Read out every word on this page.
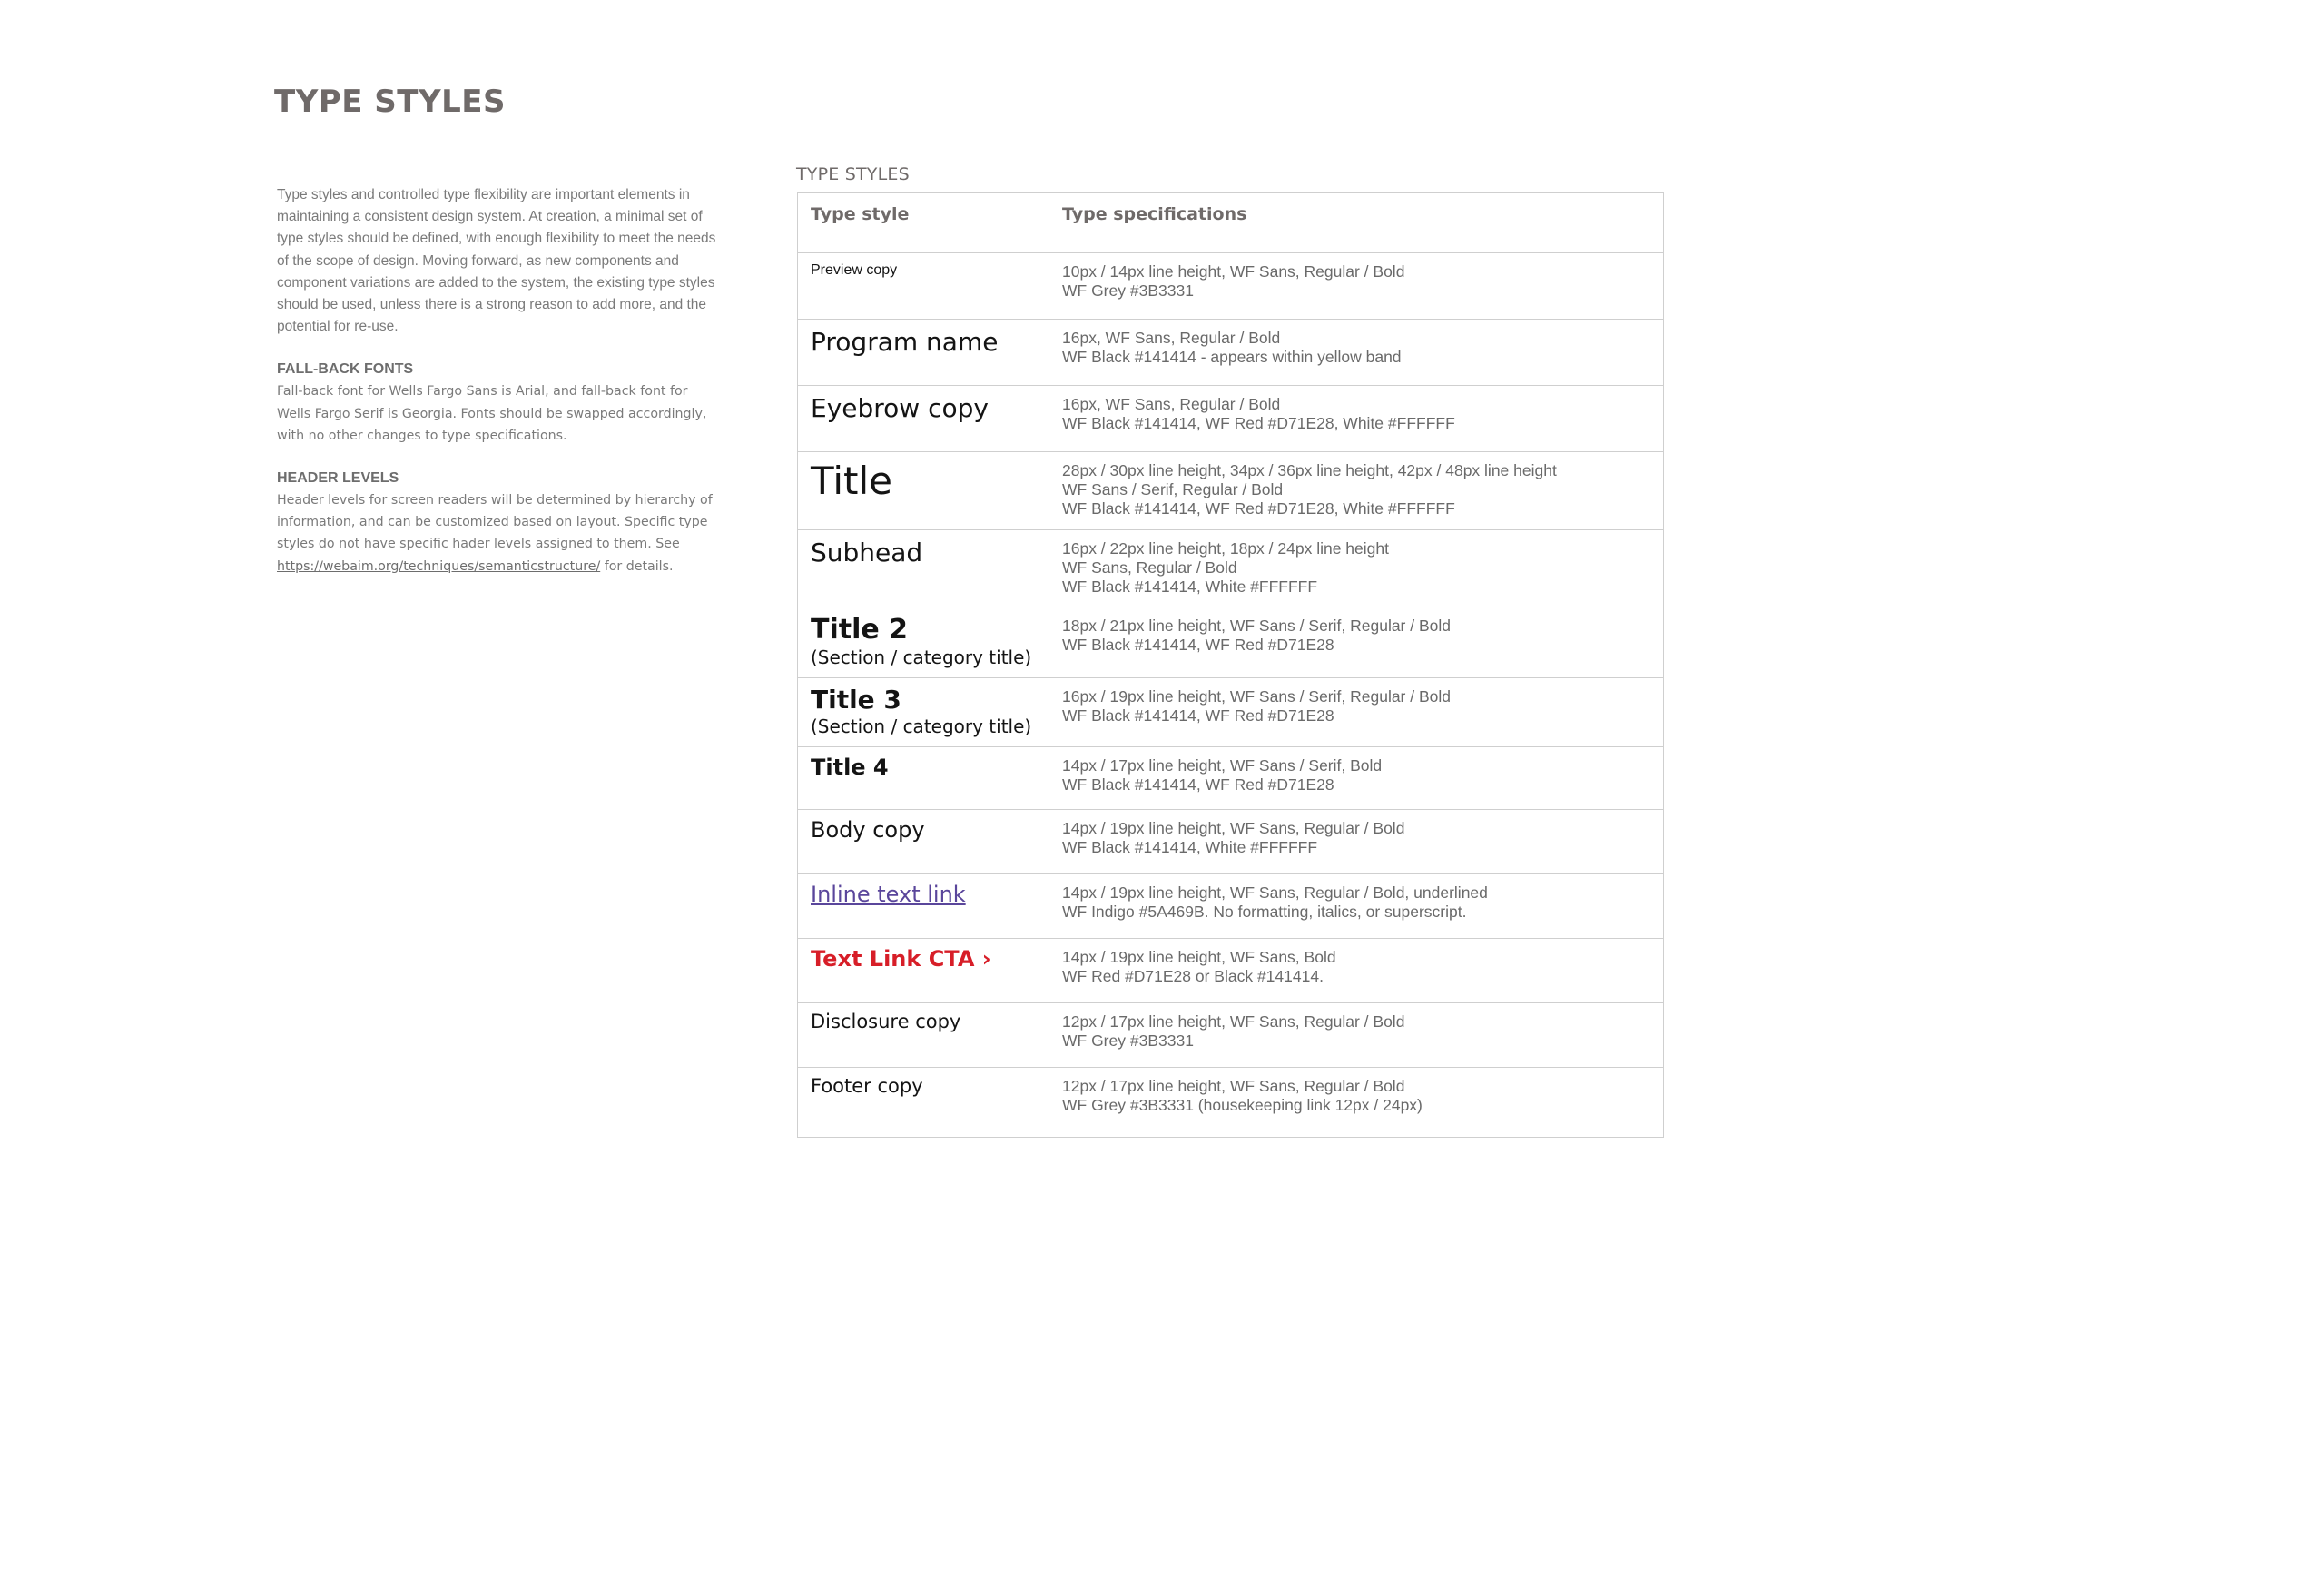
TYPE STYLES

Type styles and controlled type flexibility are important elements in maintaining a consistent design system. At creation, a minimal set of type styles should be defined, with enough flexibility to meet the needs of the scope of design. Moving forward, as new components and component variations are added to the system, the existing type styles should be used, unless there is a strong reason to add more, and the potential for re-use.

FALL-BACK FONTS
Fall-back font for Wells Fargo Sans is Arial, and fall-back font for Wells Fargo Serif is Georgia. Fonts should be swapped accordingly, with no other changes to type specifications.
HEADER LEVELS
Header levels for screen readers will be determined by hierarchy of information, and can be customized based on layout. Specific type styles do not have specific hader levels assigned to them. See https://webaim.org/techniques/semanticstructure/ for details.
TYPE STYLES
Type style	Type specifications
Preview copy	10px / 14px line height, WF Sans, Regular / Bold
WF Grey #3B3331

Program name	16px, WF Sans, Regular / Bold
WF Black #141414 - appears within yellow band

Eyebrow copy	16px, WF Sans, Regular / Bold
WF Black #141414, WF Red #D71E28, White #FFFFFF

Title	28px / 30px line height, 34px / 36px line height, 42px / 48px line height
WF Sans / Serif, Regular / Bold
WF Black #141414, WF Red #D71E28, White #FFFFFF

Subhead	16px / 22px line height, 18px / 24px line height
WF Sans, Regular / Bold
WF Black #141414, White #FFFFFF

Title 2
(Section / category title)	18px / 21px line height, WF Sans / Serif, Regular / Bold
WF Black #141414, WF Red #D71E28

Title 3
(Section / category title)	16px / 19px line height, WF Sans / Serif, Regular / Bold
WF Black #141414, WF Red #D71E28

Title 4	14px / 17px line height, WF Sans / Serif, Bold
WF Black #141414, WF Red #D71E28

Body copy	14px / 19px line height, WF Sans, Regular / Bold
WF Black #141414, White #FFFFFF

Inline text link	14px / 19px line height, WF Sans, Regular / Bold, underlined
WF Indigo #5A469B. No formatting, italics, or superscript.

Text Link CTA ›	14px / 19px line height, WF Sans, Bold
WF Red #D71E28 or Black #141414.

Disclosure copy	12px / 17px line height, WF Sans, Regular / Bold
WF Grey #3B3331

Footer copy	12px / 17px line height, WF Sans, Regular / Bold
WF Grey #3B3331 (housekeeping link 12px / 24px)
